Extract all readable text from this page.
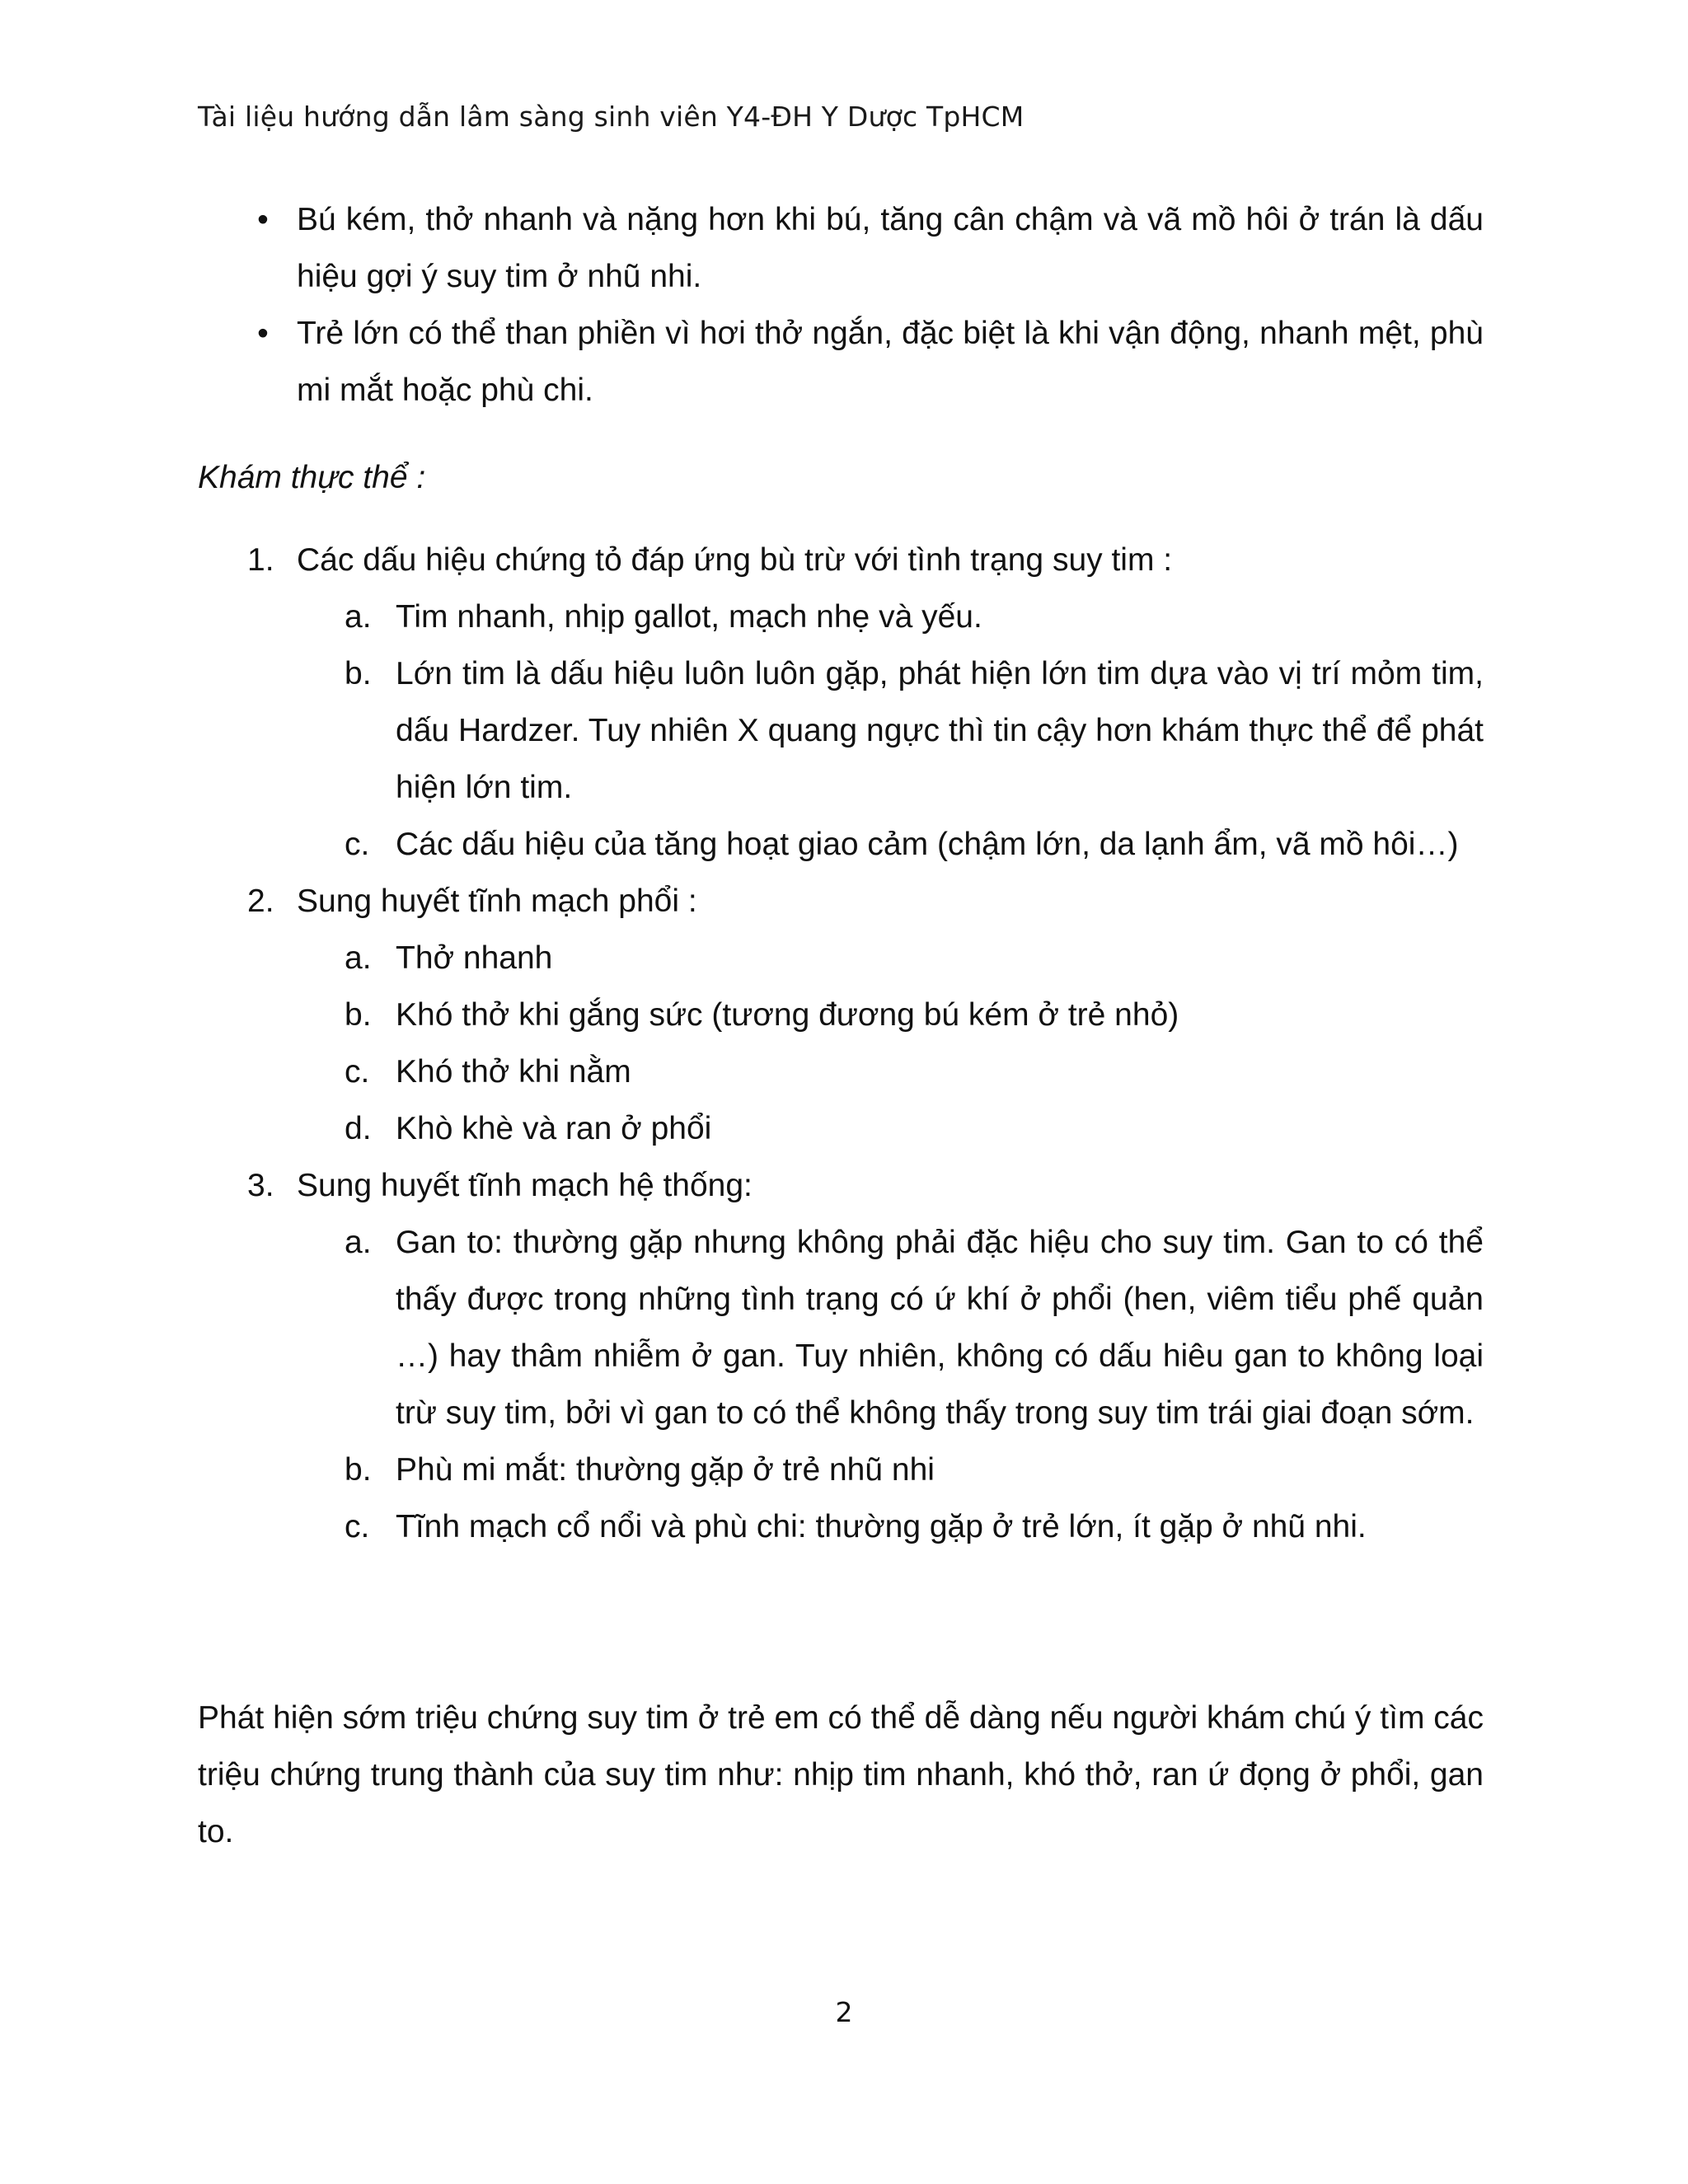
Tài liệu hướng dẫn lâm sàng sinh viên Y4-ĐH Y Dược TpHCM
• Bú kém, thở nhanh và nặng hơn khi bú, tăng cân chậm và vã mồ hôi ở trán là dấu hiệu gợi ý suy tim ở nhũ nhi.
• Trẻ lớn có thể than phiền vì hơi thở ngắn, đặc biệt là khi vận động, nhanh mệt, phù mi mắt hoặc phù chi.
Khám thực thể :
1. Các dấu hiệu chứng tỏ đáp ứng bù trừ với tình trạng suy tim :
a. Tim nhanh, nhịp gallot, mạch nhẹ và yếu.
b. Lớn tim là dấu hiệu luôn luôn gặp, phát hiện lớn tim dựa vào vị trí mỏm tim, dấu Hardzer. Tuy nhiên X quang ngực thì tin cậy hơn khám thực thể để phát hiện lớn tim.
c. Các dấu hiệu của tăng hoạt giao cảm (chậm lớn, da lạnh ẩm, vã mồ hôi…)
2. Sung huyết tĩnh mạch phổi :
a. Thở nhanh
b. Khó thở khi gắng sức (tương đương bú kém ở trẻ nhỏ)
c. Khó thở khi nằm
d. Khò khè và ran ở phổi
3. Sung huyết tĩnh mạch hệ thống:
a. Gan to: thường gặp nhưng không phải đặc hiệu cho suy tim. Gan to có thể thấy được trong những tình trạng có ứ khí ở phổi (hen, viêm tiểu phế quản …) hay thâm nhiễm ở gan. Tuy nhiên, không có dấu hiêu gan to không loại trừ suy tim, bởi vì gan to có thể không thấy trong suy tim trái giai đoạn sớm.
b. Phù mi mắt: thường gặp ở trẻ nhũ nhi
c. Tĩnh mạch cổ nổi và phù chi: thường gặp ở trẻ lớn, ít gặp ở nhũ nhi.
Phát hiện sớm triệu chứng suy tim ở trẻ em có thể dễ dàng nếu người khám chú ý tìm các triệu chứng trung thành của suy tim như: nhịp tim nhanh, khó thở, ran ứ đọng ở phổi, gan to.
2
